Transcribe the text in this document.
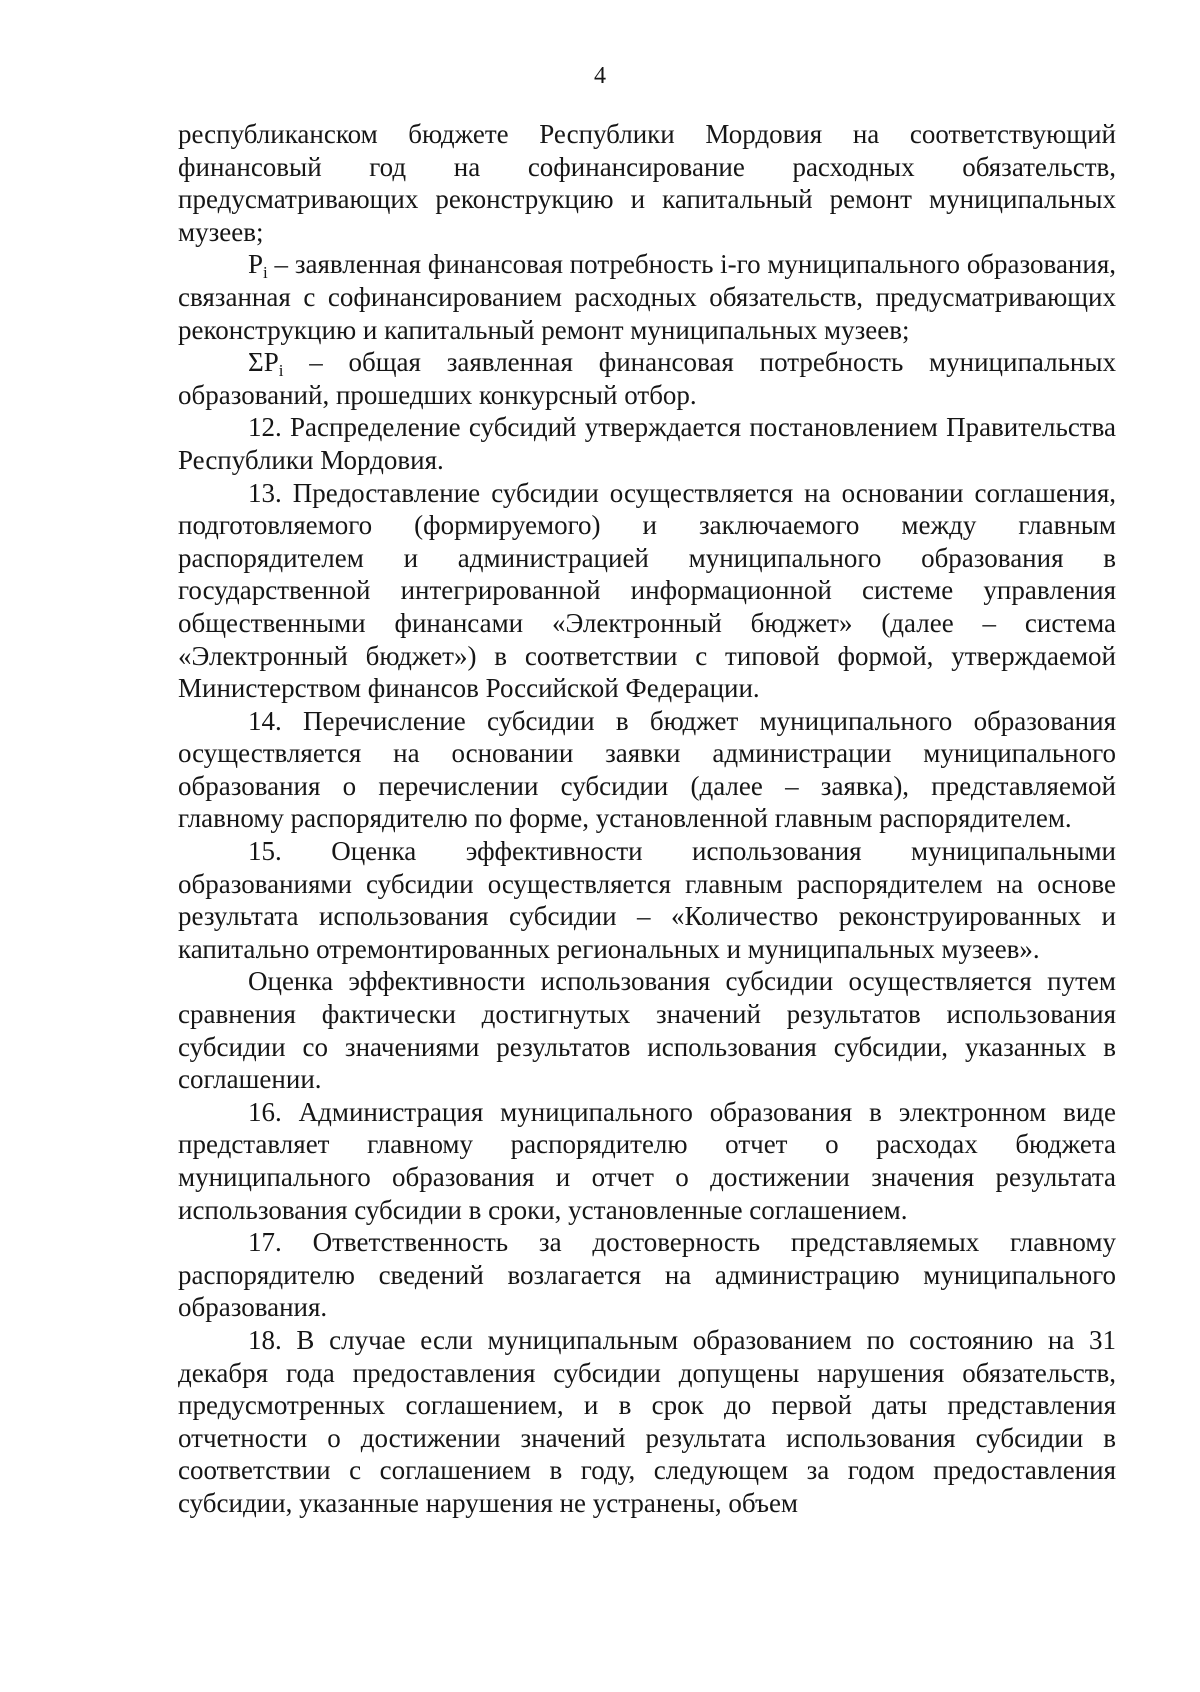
4

республиканском бюджете Республики Мордовия на соответствующий финансовый год на софинансирование расходных обязательств, предусматривающих реконструкцию и капитальный ремонт муниципальных музеев;

$P_i$ – заявленная финансовая потребность i-го муниципального образования, связанная с софинансированием расходных обязательств, предусматривающих реконструкцию и капитальный ремонт муниципальных музеев;

$\Sigma P_i$ – общая заявленная финансовая потребность муниципальных образований, прошедших конкурсный отбор.

12. Распределение субсидий утверждается постановлением Правительства Республики Мордовия.

13. Предоставление субсидии осуществляется на основании соглашения, подготовляемого (формируемого) и заключаемого между главным распорядителем и администрацией муниципального образования в государственной интегрированной информационной системе управления общественными финансами «Электронный бюджет» (далее – система «Электронный бюджет») в соответствии с типовой формой, утверждаемой Министерством финансов Российской Федерации.

14. Перечисление субсидии в бюджет муниципального образования осуществляется на основании заявки администрации муниципального образования о перечислении субсидии (далее – заявка), представляемой главному распорядителю по форме, установленной главным распорядителем.

15. Оценка эффективности использования муниципальными образованиями субсидии осуществляется главным распорядителем на основе результата использования субсидии – «Количество реконструированных и капитально отремонтированных региональных и муниципальных музеев».

Оценка эффективности использования субсидии осуществляется путем сравнения фактически достигнутых значений результатов использования субсидии со значениями результатов использования субсидии, указанных в соглашении.

16. Администрация муниципального образования в электронном виде представляет главному распорядителю отчет о расходах бюджета муниципального образования и отчет о достижении значения результата использования субсидии в сроки, установленные соглашением.

17. Ответственность за достоверность представляемых главному распорядителю сведений возлагается на администрацию муниципального образования.

18. В случае если муниципальным образованием по состоянию на 31 декабря года предоставления субсидии допущены нарушения обязательств, предусмотренных соглашением, и в срок до первой даты представления отчетности о достижении значений результата использования субсидии в соответствии с соглашением в году, следующем за годом предоставления субсидии, указанные нарушения не устранены, объем
